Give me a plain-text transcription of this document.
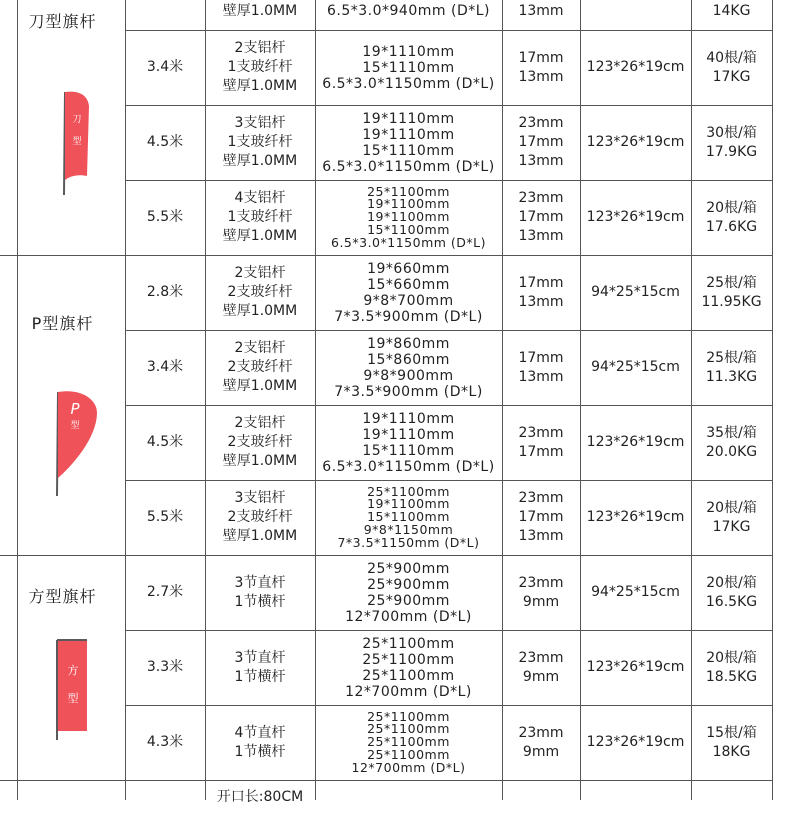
刀型旗杆
P型旗杆
方型旗杆
刀
型
P
型
方
型
壁厚1.0MM 6.5*3.0*940mm (D*L) 13mm	14KG
3.4米
2支铝杆
1支玻纤杆
壁厚1.0MM
19*1110mm
15*1110mm
6.5*3.0*1150mm (D*L)
17mm
13mm
123*26*19cm
40根/箱
17KG
4.5米
3支铝杆
1支玻纤杆
壁厚1.0MM
19*1110mm
19*1110mm
15*1110mm
6.5*3.0*1150mm (D*L)
23mm
17mm
13mm
123*26*19cm
30根/箱
17.9KG
5.5米
4支铝杆
1支玻纤杆
壁厚1.0MM
25*1100mm
19*1100mm
19*1100mm
15*1100mm
6.5*3.0*1150mm (D*L)
23mm
17mm
13mm
123*26*19cm
20根/箱
17.6KG
2.8米
2支铝杆
2支玻纤杆
壁厚1.0MM
19*660mm
15*660mm
9*8*700mm
7*3.5*900mm (D*L)
17mm
13mm
94*25*15cm
25根/箱
11.95KG
3.4米
2支铝杆
2支玻纤杆
壁厚1.0MM
19*860mm
15*860mm
9*8*900mm
7*3.5*900mm (D*L)
17mm
13mm
94*25*15cm
25根/箱
11.3KG
4.5米
2支铝杆
2支玻纤杆
壁厚1.0MM
19*1110mm
19*1110mm
15*1110mm
6.5*3.0*1150mm (D*L)
23mm
17mm
123*26*19cm
35根/箱
20.0KG
5.5米
3支铝杆
2支玻纤杆
壁厚1.0MM
25*1100mm
19*1100mm
15*1100mm
9*8*1150mm
7*3.5*1150mm (D*L)
23mm
17mm
13mm
123*26*19cm
20根/箱
17KG
2.7米
3节直杆
1节横杆
25*900mm
25*900mm
25*900mm
12*700mm (D*L)
23mm
9mm
94*25*15cm
20根/箱
16.5KG
3.3米
3节直杆
1节横杆
25*1100mm
25*1100mm
25*1100mm
12*700mm (D*L)
23mm
9mm
123*26*19cm
20根/箱
18.5KG
4.3米
4节直杆
1节横杆
25*1100mm
25*1100mm
25*1100mm
25*1100mm
12*700mm (D*L)
23mm
9mm
123*26*19cm
15根/箱
18KG
开口长:80CM
